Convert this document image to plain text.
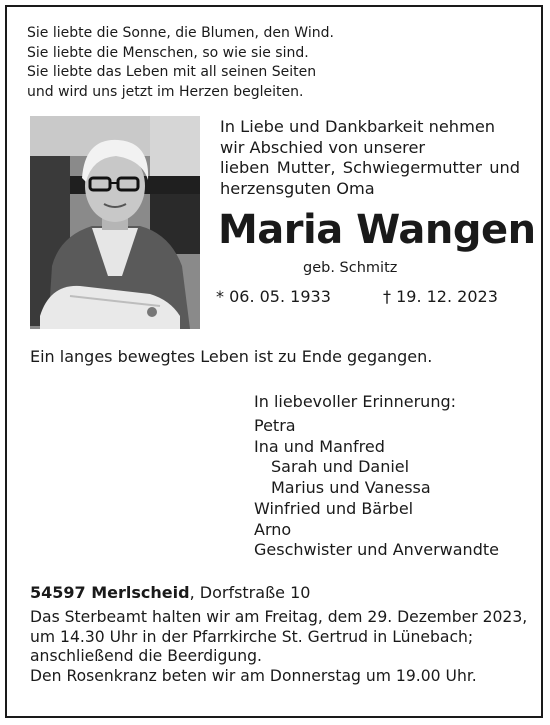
Sie liebte die Sonne, die Blumen, den Wind.
Sie liebte die Menschen, so wie sie sind.
Sie liebte das Leben mit all seinen Seiten
und wird uns jetzt im Herzen begleiten.
In Liebe und Dankbarkeit nehmen
wir Abschied von unserer
lieben Mutter, Schwiegermutter und
herzensguten Oma
Maria Wangen
geb. Schmitz
* 06. 05. 1933	† 19. 12. 2023
Ein langes bewegtes Leben ist zu Ende gegangen.
In liebevoller Erinnerung:
Petra
Ina und Manfred
Sarah und Daniel
Marius und Vanessa
Winfried und Bärbel
Arno
Geschwister und Anverwandte
54597 Merlscheid, Dorfstraße 10
Das Sterbeamt halten wir am Freitag, dem 29. Dezember 2023,
um 14.30 Uhr in der Pfarrkirche St. Gertrud in Lünebach;
anschließend die Beerdigung.
Den Rosenkranz beten wir am Donnerstag um 19.00 Uhr.
